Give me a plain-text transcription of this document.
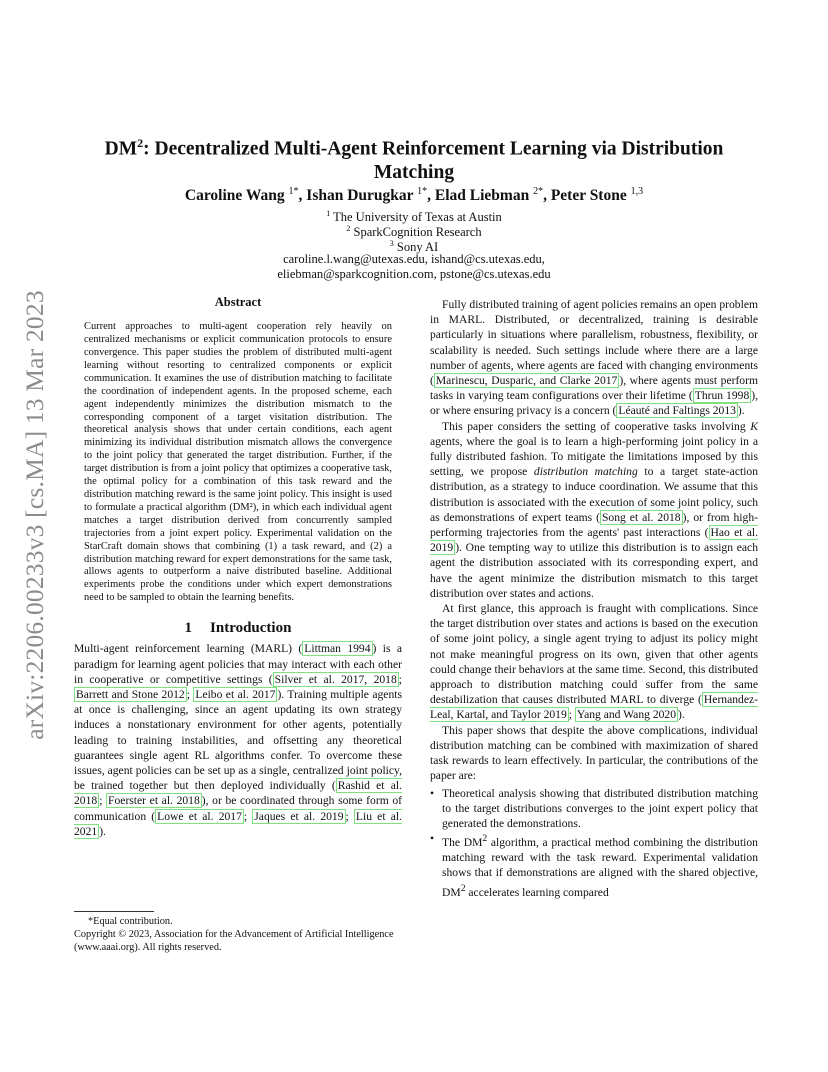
arXiv:2206.00233v3 [cs.MA] 13 Mar 2023
$DM^2$: Decentralized Multi-Agent Reinforcement Learning via Distribution
Matching
Caroline Wang $^{1*}$, Ishan Durugkar $^{1*}$, Elad Liebman $^{2*}$, Peter Stone $^{1,3}$
$^1$ The University of Texas at Austin
$^2$ SparkCognition Research
$^3$ Sony AI
caroline.l.wang@utexas.edu, ishand@cs.utexas.edu,
eliebman@sparkcognition.com, pstone@cs.utexas.edu
Abstract
Current approaches to multi-agent cooperation rely heavily on centralized mechanisms or explicit communication protocols to ensure convergence. This paper studies the problem of distributed multi-agent learning without resorting to centralized components or explicit communication. It examines the use of distribution matching to facilitate the coordination of independent agents. In the proposed scheme, each agent independently minimizes the distribution mismatch to the corresponding component of a target visitation distribution. The theoretical analysis shows that under certain conditions, each agent minimizing its individual distribution mismatch allows the convergence to the joint policy that generated the target distribution. Further, if the target distribution is from a joint policy that optimizes a cooperative task, the optimal policy for a combination of this task reward and the distribution matching reward is the same joint policy. This insight is used to formulate a practical algorithm (DM²), in which each individual agent matches a target distribution derived from concurrently sampled trajectories from a joint expert policy. Experimental validation on the StarCraft domain shows that combining (1) a task reward, and (2) a distribution matching reward for expert demonstrations for the same task, allows agents to outperform a naive distributed baseline. Additional experiments probe the conditions under which expert demonstrations need to be sampled to obtain the learning benefits.
1 Introduction

Multi-agent reinforcement learning (MARL) ( Littman 1994 ) is a paradigm for learning agent policies that may interact with each other in cooperative or competitive settings ( Silver et al. 2017, 2018 ; Barrett and Stone 2012 ; Leibo et al. 2017 ). Training multiple agents at once is challenging, since an agent updating its own strategy induces a nonstationary environment for other agents, potentially leading to training instabilities, and offsetting any theoretical guarantees single agent RL algorithms confer. To overcome these issues, agent policies can be set up as a single, centralized joint policy, be trained together but then deployed individually ( Rashid et al. 2018 ; Foerster et al. 2018 ), or be coordinated through some form of communication ( Lowe et al. 2017 ; Jaques et al. 2019 ; Liu et al. 2021 ).

*Equal contribution.
Copyright © 2023, Association for the Advancement of Artificial Intelligence (www.aaai.org). All rights reserved.

Fully distributed training of agent policies remains an open problem in MARL. Distributed, or decentralized, training is desirable particularly in situations where parallelism, robustness, flexibility, or scalability is needed. Such settings include where there are a large number of agents, where agents are faced with changing environments ( Marinescu, Dusparic, and Clarke 2017 ), where agents must perform tasks in varying team configurations over their lifetime ( Thrun 1998 ), or where ensuring privacy is a concern ( Léauté and Faltings 2013 ).

This paper considers the setting of cooperative tasks involving K agents, where the goal is to learn a high-performing joint policy in a fully distributed fashion. To mitigate the limitations imposed by this setting, we propose distribution matching to a target state-action distribution, as a strategy to induce coordination. We assume that this distribution is associated with the execution of some joint policy, such as demonstrations of expert teams ( Song et al. 2018 ), or from high-performing trajectories from the agents' past interactions ( Hao et al. 2019 ). One tempting way to utilize this distribution is to assign each agent the distribution associated with its corresponding expert, and have the agent minimize the distribution mismatch to this target distribution over states and actions.

At first glance, this approach is fraught with complications. Since the target distribution over states and actions is based on the execution of some joint policy, a single agent trying to adjust its policy might not make meaningful progress on its own, given that other agents could change their behaviors at the same time. Second, this distributed approach to distribution matching could suffer from the same destabilization that causes distributed MARL to diverge ( Hernandez-Leal, Kartal, and Taylor 2019 ; Yang and Wang 2020 ).

This paper shows that despite the above complications, individual distribution matching can be combined with maximization of shared task rewards to learn effectively. In particular, the contributions of the paper are:

• Theoretical analysis showing that distributed distribution matching to the target distributions converges to the joint expert policy that generated the demonstrations.
• The $DM^2$ algorithm, a practical method combining the distribution matching reward with the task reward. Experimental validation shows that if demonstrations are aligned with the shared objective, $DM^2$ accelerates learning compared
